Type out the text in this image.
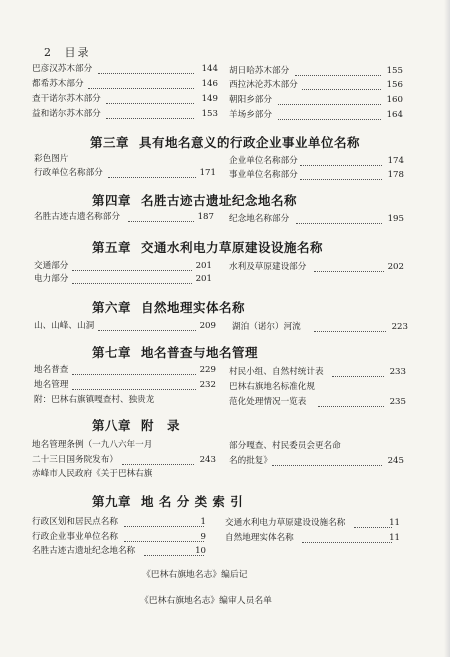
2 目录
巴彦汉苏木部分	144
都希苏木部分	146
查干诺尔苏木部分	149
益和诺尔苏木部分	153
胡日哈苏木部分	155
西拉沐沦苏木部分	156
朝阳乡部分	160
羊场乡部分	164
第三章 具有地名意义的行政企业事业单位名称
彩色图片
行政单位名称部分	171
企业单位名称部分	174
事业单位名称部分	178
第四章 名胜古迹古遗址纪念地名称
名胜古迹古遗名称部分	187 纪念地名称部分	195
第五章 交通水利电力草原建设设施名称
交通部分	201
电力部分	201
水利及草原建设部分	202
第六章 自然地理实体名称
山、山峰、山洞	209 湖泊（诺尔）河流	223
第七章 地名普查与地名管理
地名普查	229
地名管理	232
附：巴林右旗镇嘎查村、独贵龙
村民小组、自然村统计表	233
巴林右旗地名标准化规
范化处理情况一览表	235
第八章 附　录
地名管理条例（一九八六年一月
二十三日国务院发布）	243
赤峰市人民政府《关于巴林右旗
部分嘎查、村民委员会更名命
名的批复》	245
第九章 地 名 分 类 索 引
行政区划和居民点名称	1
行政企业事业单位名称	9
名胜古迹古遗址纪念地名称	10
交通水利电力草原建设设施名称	11
自然地理实体名称	11
《巴林右旗地名志》编后记
《巴林右旗地名志》编审人员名单
